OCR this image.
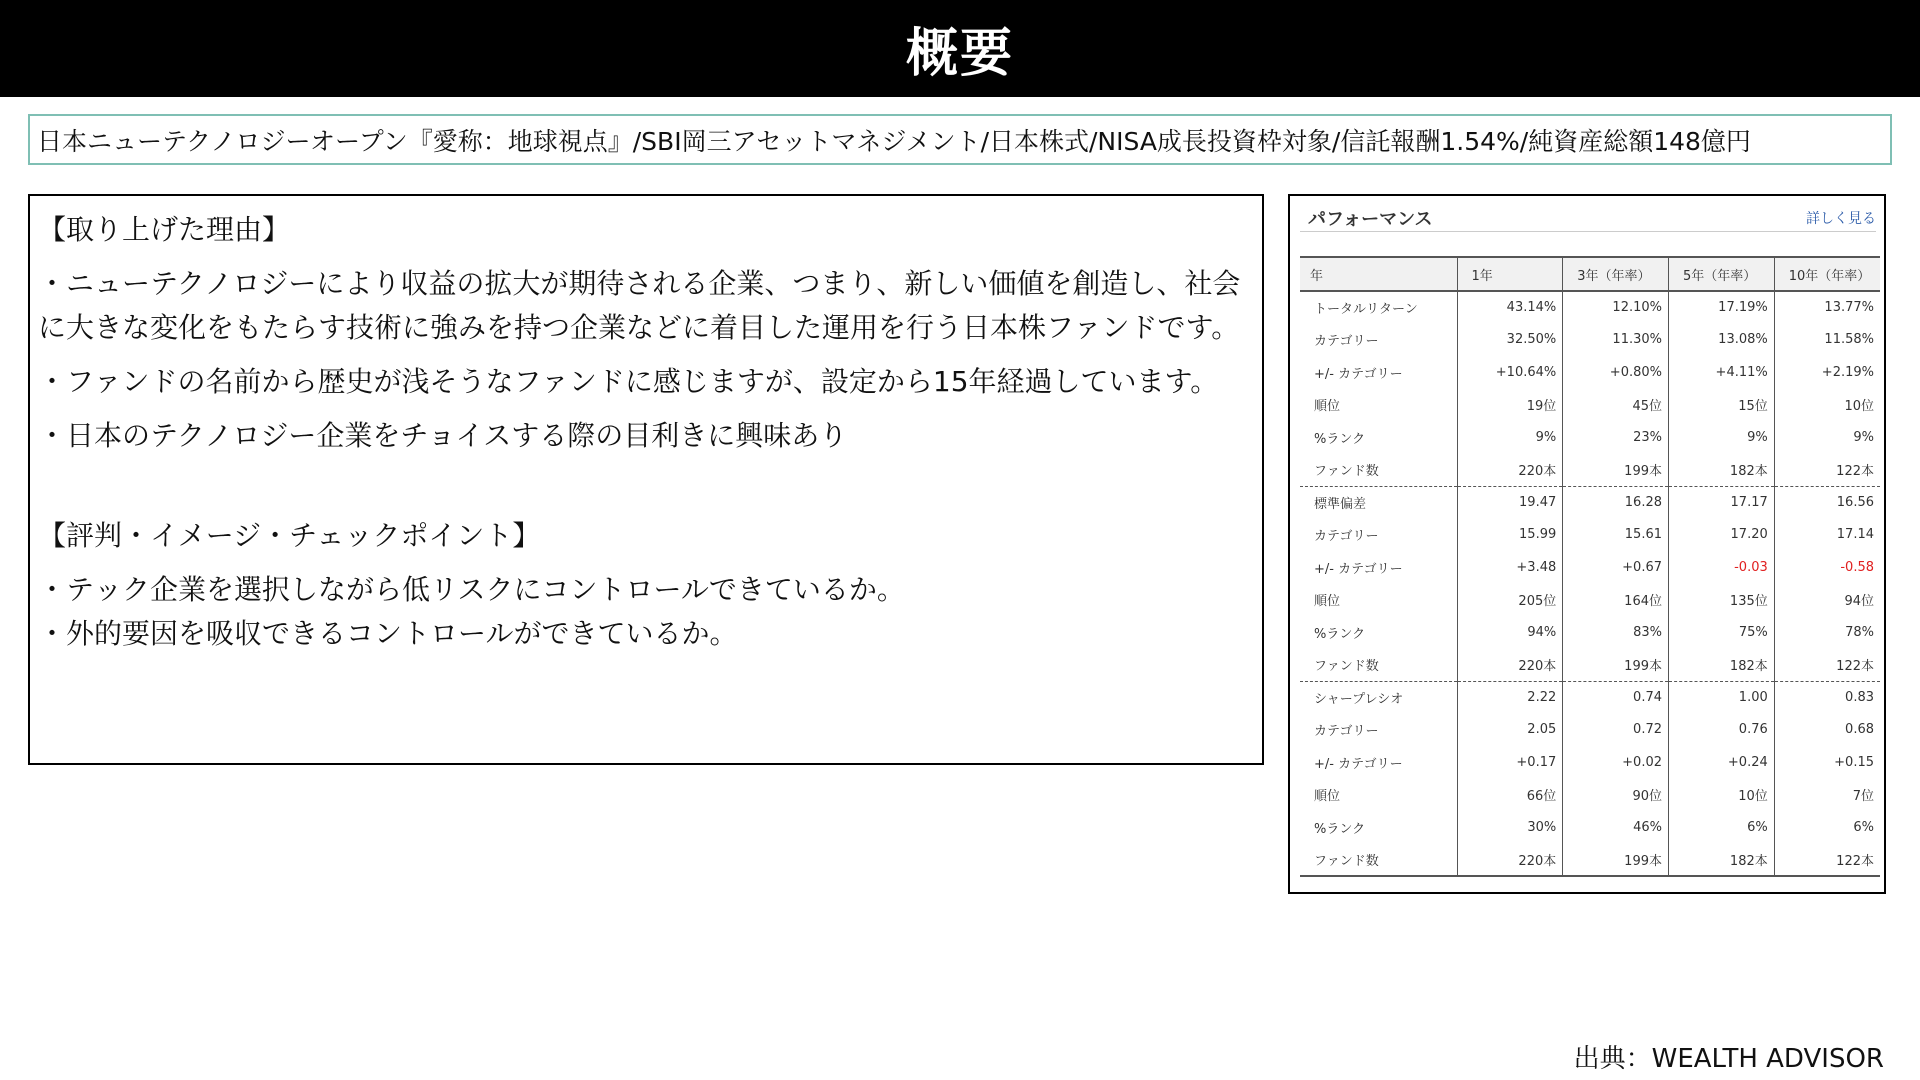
概要
日本ニューテクノロジーオープン『愛称：地球視点』/SBI岡三アセットマネジメント/日本株式/NISA成長投資枠対象/信託報酬1.54%/純資産総額148億円
【取り上げた理由】
・ニューテクノロジーにより収益の拡大が期待される企業、つまり、新しい価値を創造し、社会に大きな変化をもたらす技術に強みを持つ企業などに着目した運用を行う日本株ファンドです。
・ファンドの名前から歴史が浅そうなファンドに感じますが、設定から15年経過しています。
・日本のテクノロジー企業をチョイスする際の目利きに興味あり
【評判・イメージ・チェックポイント】
・テック企業を選択しながら低リスクにコントロールできているか。
・外的要因を吸収できるコントロールができているか。
パフォーマンス	詳しく見る
年	1年	3年（年率）	5年（年率）	10年（年率）
トータルリターン	43.14%	12.10%	17.19%	13.77%
カテゴリー	32.50%	11.30%	13.08%	11.58%
+/- カテゴリー	+10.64%	+0.80%	+4.11%	+2.19%
順位	19位	45位	15位	10位
%ランク	9%	23%	9%	9%
ファンド数	220本	199本	182本	122本
標準偏差	19.47	16.28	17.17	16.56
カテゴリー	15.99	15.61	17.20	17.14
+/- カテゴリー	+3.48	+0.67	-0.03	-0.58
順位	205位	164位	135位	94位
%ランク	94%	83%	75%	78%
ファンド数	220本	199本	182本	122本
シャープレシオ	2.22	0.74	1.00	0.83
カテゴリー	2.05	0.72	0.76	0.68
+/- カテゴリー	+0.17	+0.02	+0.24	+0.15
順位	66位	90位	10位	7位
%ランク	30%	46%	6%	6%
ファンド数	220本	199本	182本	122本
出典：WEALTH ADVISOR
